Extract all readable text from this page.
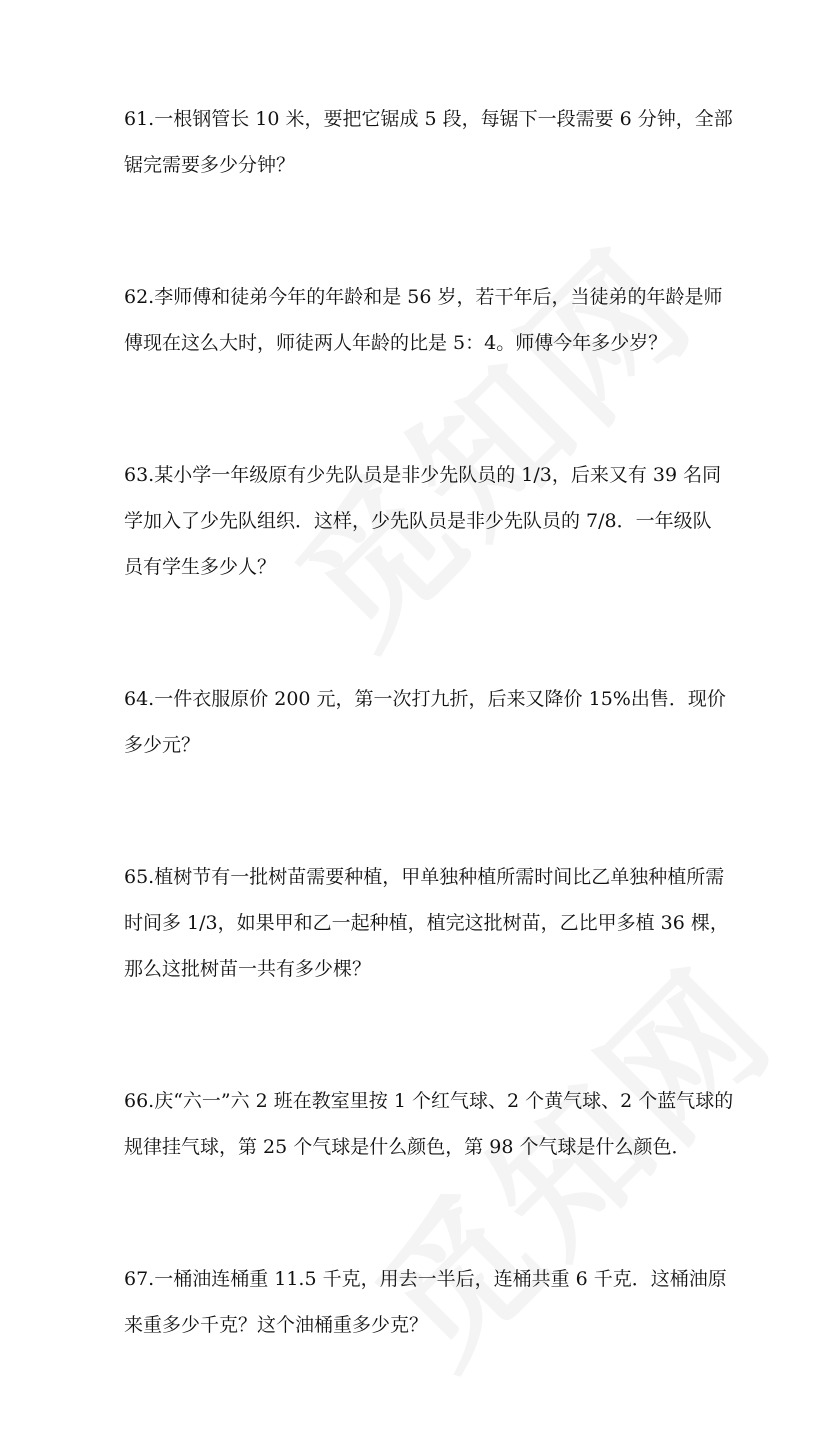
61.一根钢管长 10 米，要把它锯成 5 段，每锯下一段需要 6 分钟，全部
锯完需要多少分钟？
62.李师傅和徒弟今年的年龄和是 56 岁，若干年后，当徒弟的年龄是师
傅现在这么大时，师徒两人年龄的比是 5：4。师傅今年多少岁？
63.某小学一年级原有少先队员是非少先队员的 1/3，后来又有 39 名同
学加入了少先队组织．这样，少先队员是非少先队员的 7/8．一年级队
员有学生多少人？
64.一件衣服原价 200 元，第一次打九折，后来又降价 15%出售．现价
多少元？
65.植树节有一批树苗需要种植，甲单独种植所需时间比乙单独种植所需
时间多 1/3，如果甲和乙一起种植，植完这批树苗，乙比甲多植 36 棵，
那么这批树苗一共有多少棵？
66.庆“六一”六 2 班在教室里按 1 个红气球、2 个黄气球、2 个蓝气球的
规律挂气球，第 25 个气球是什么颜色，第 98 个气球是什么颜色．
67.一桶油连桶重 11.5 千克，用去一半后，连桶共重 6 千克．这桶油原
来重多少千克？这个油桶重多少克？
